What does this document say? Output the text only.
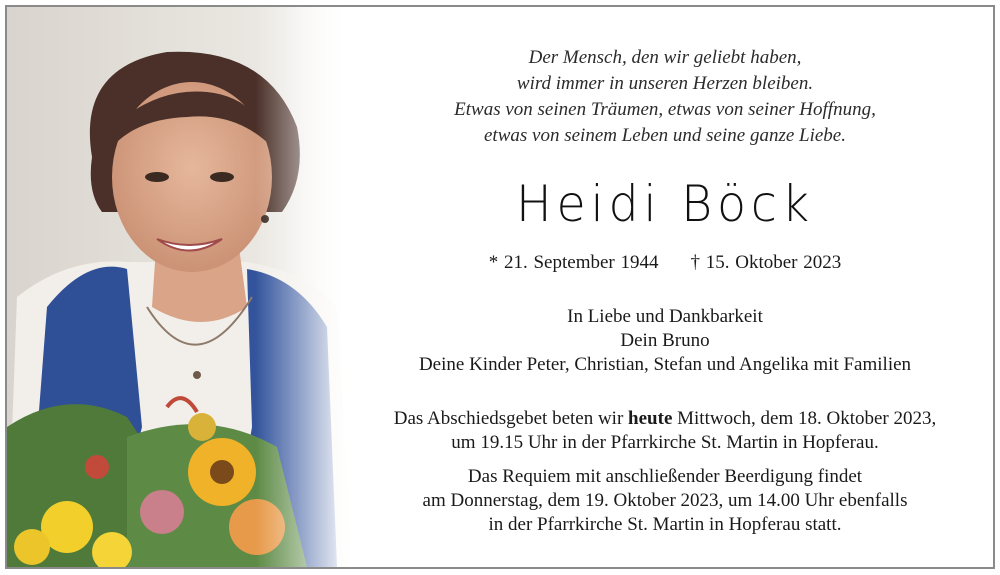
Der Mensch, den wir geliebt haben,
wird immer in unseren Herzen bleiben.
Etwas von seinen Träumen, etwas von seiner Hoffnung,
etwas von seinem Leben und seine ganze Liebe.
Heidi Böck
* 21. September 1944 † 15. Oktober 2023
In Liebe und Dankbarkeit
Dein Bruno
Deine Kinder Peter, Christian, Stefan und Angelika mit Familien
Das Abschiedsgebet beten wir heute Mittwoch, dem 18. Oktober 2023,
um 19.15 Uhr in der Pfarrkirche St. Martin in Hopferau.
Das Requiem mit anschließender Beerdigung findet
am Donnerstag, dem 19. Oktober 2023, um 14.00 Uhr ebenfalls
in der Pfarrkirche St. Martin in Hopferau statt.
